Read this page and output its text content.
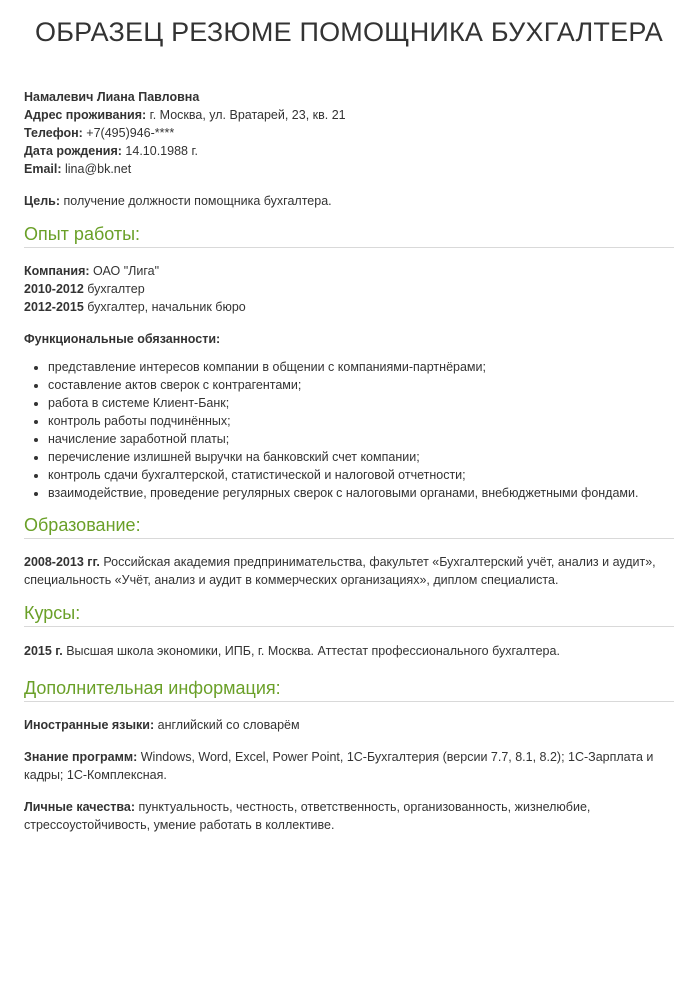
ОБРАЗЕЦ РЕЗЮМЕ ПОМОЩНИКА БУХГАЛТЕРА
Намалевич Лиана Павловна
Адрес проживания: г. Москва, ул. Вратарей, 23, кв. 21
Телефон: +7(495)946-****
Дата рождения: 14.10.1988 г.
Email: lina@bk.net
Цель: получение должности помощника бухгалтера.
Опыт работы:
Компания: ОАО "Лига"
2010-2012 бухгалтер
2012-2015 бухгалтер, начальник бюро
Функциональные обязанности:
• представление интересов компании в общении с компаниями-партнёрами;
• составление актов сверок с контрагентами;
• работа в системе Клиент-Банк;
• контроль работы подчинённых;
• начисление заработной платы;
• перечисление излишней выручки на банковский счет компании;
• контроль сдачи бухгалтерской, статистической и налоговой отчетности;
• взаимодействие, проведение регулярных сверок с налоговыми органами, внебюджетными фондами.
Образование:

2008-2013 гг. Российская академия предпринимательства, факультет «Бухгалтерский учёт, анализ и аудит», специальность «Учёт, анализ и аудит в коммерческих организациях», диплом специалиста.

Курсы:

2015 г. Высшая школа экономики, ИПБ, г. Москва. Аттестат профессионального бухгалтера.

Дополнительная информация:

Иностранные языки: английский со словарём

Знание программ: Windows, Word, Excel, Power Point, 1С-Бухгалтерия (версии 7.7, 8.1, 8.2); 1С-Зарплата и кадры; 1С-Комплексная.

Личные качества: пунктуальность, честность, ответственность, организованность, жизнелюбие, стрессоустойчивость, умение работать в коллективе.
